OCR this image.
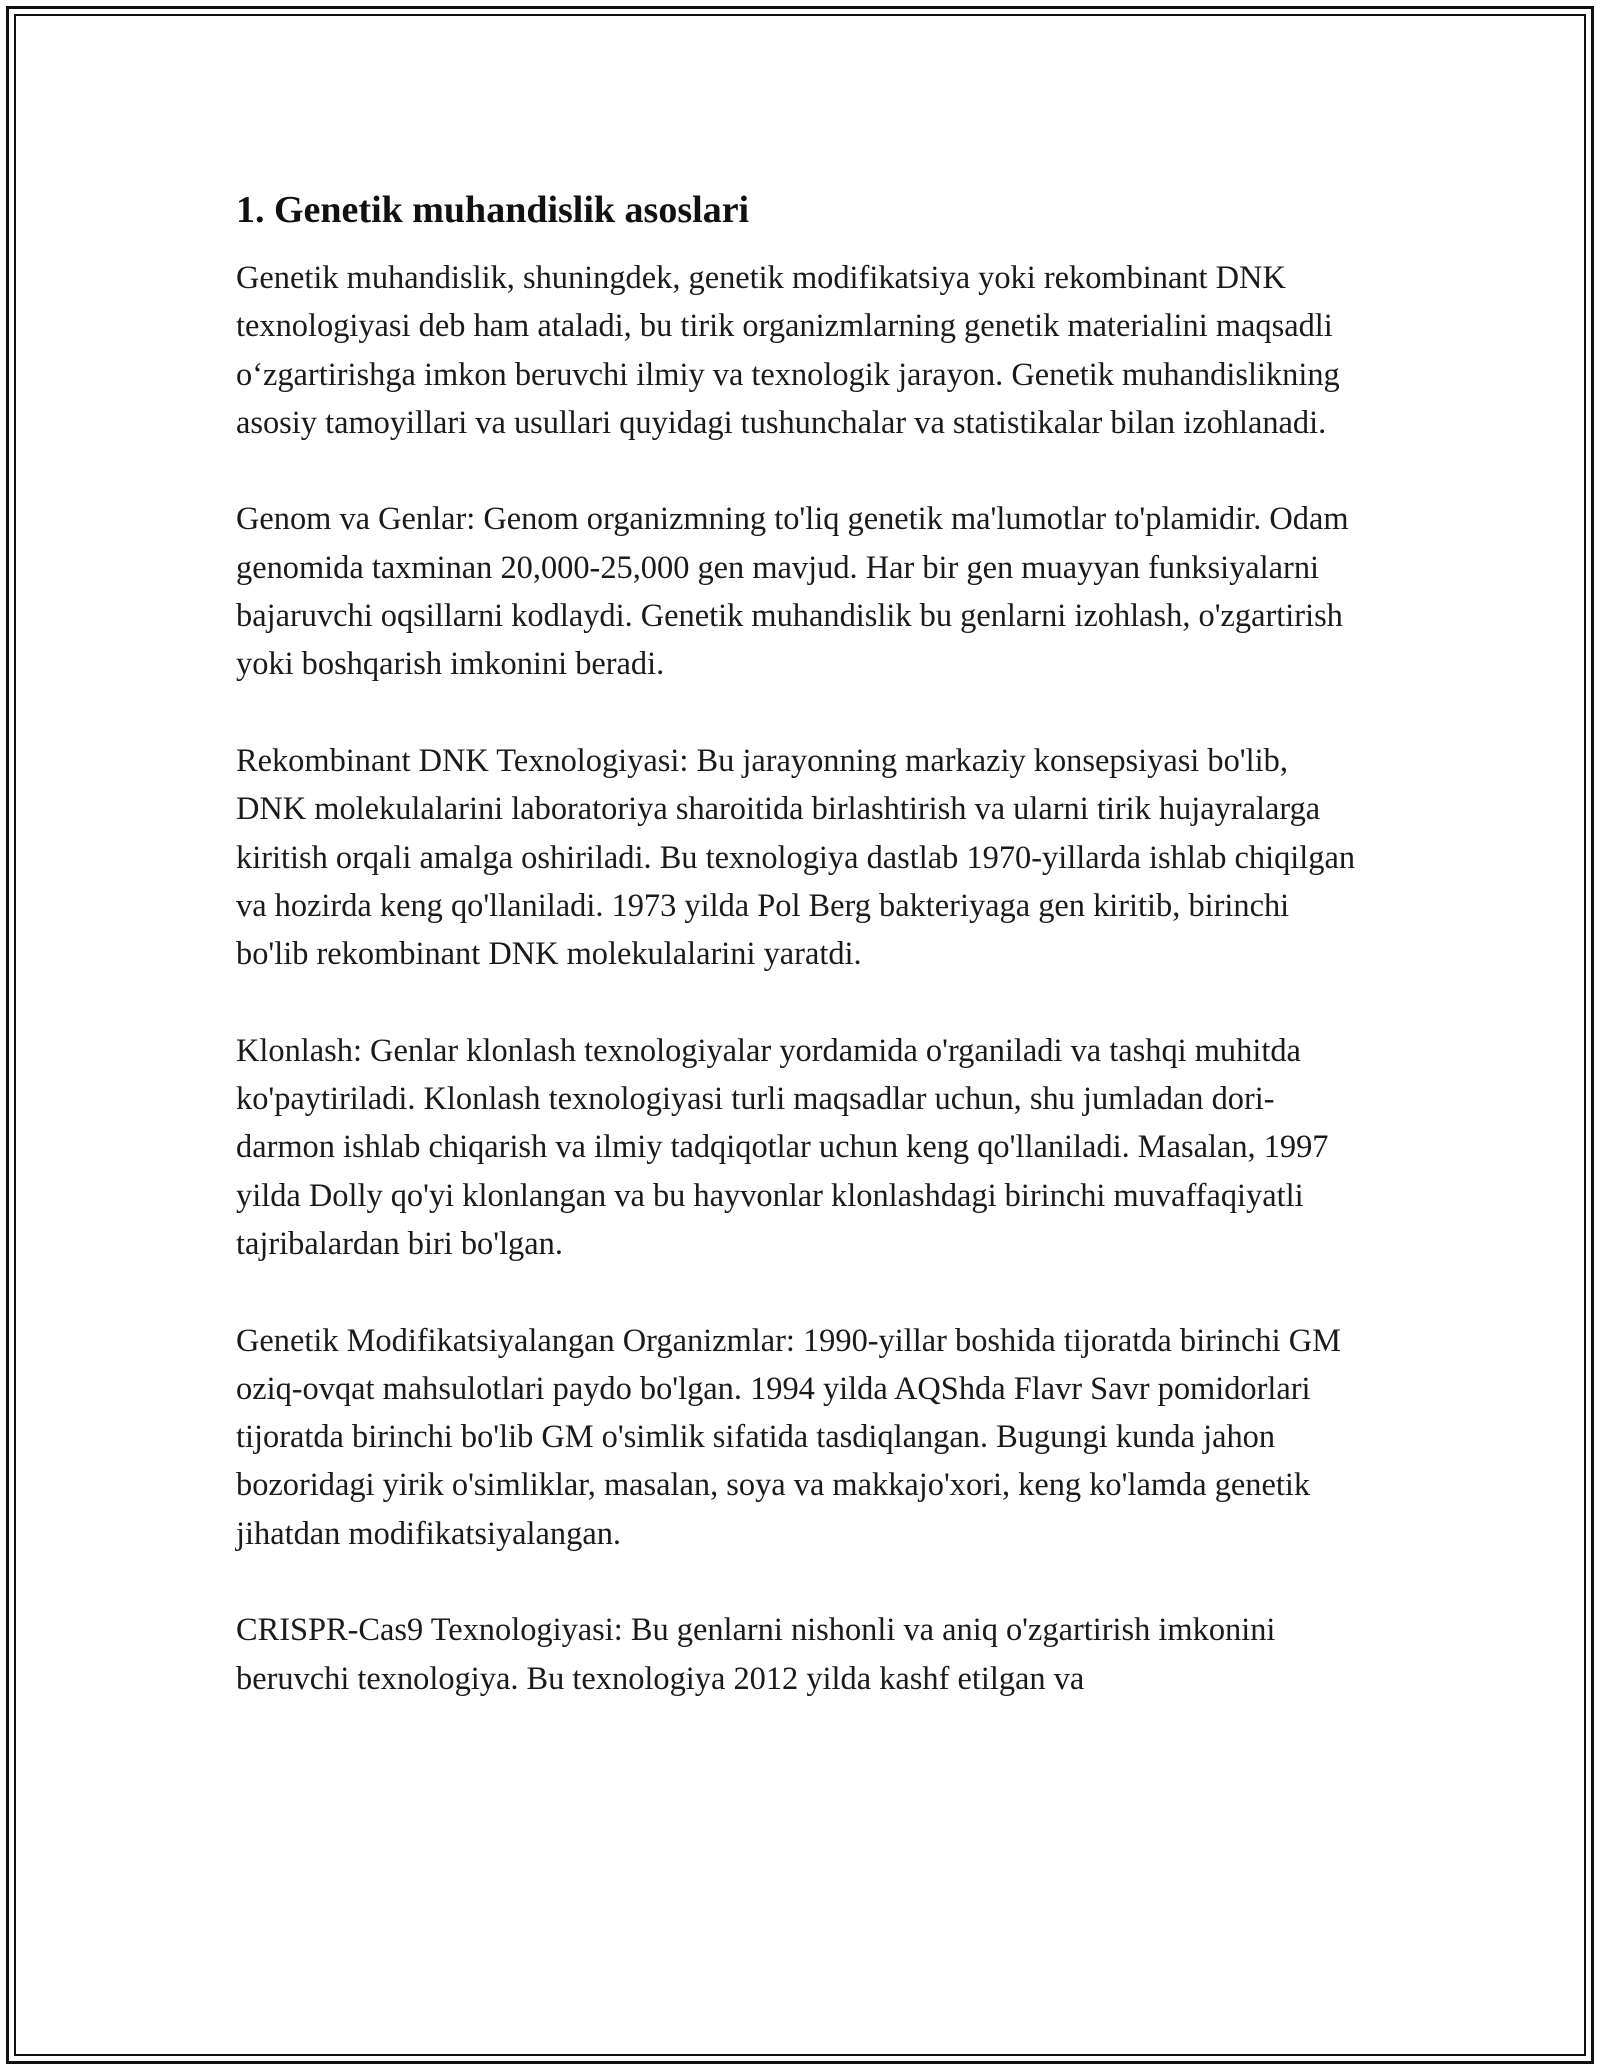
1. Genetik muhandislik asoslari

Genetik muhandislik, shuningdek, genetik modifikatsiya yoki rekombinant DNK texnologiyasi deb ham ataladi, bu tirik organizmlarning genetik materialini maqsadli oʻzgartirishga imkon beruvchi ilmiy va texnologik jarayon. Genetik muhandislikning asosiy tamoyillari va usullari quyidagi tushunchalar va statistikalar bilan izohlanadi.

Genom va Genlar: Genom organizmning to'liq genetik ma'lumotlar to'plamidir. Odam genomida taxminan 20,000-25,000 gen mavjud. Har bir gen muayyan funksiyalarni bajaruvchi oqsillarni kodlaydi. Genetik muhandislik bu genlarni izohlash, o'zgartirish yoki boshqarish imkonini beradi.

Rekombinant DNK Texnologiyasi: Bu jarayonning markaziy konsepsiyasi bo'lib, DNK molekulalarini laboratoriya sharoitida birlashtirish va ularni tirik hujayralarga kiritish orqali amalga oshiriladi. Bu texnologiya dastlab 1970-yillarda ishlab chiqilgan va hozirda keng qo'llaniladi. 1973 yilda Pol Berg bakteriyaga gen kiritib, birinchi bo'lib rekombinant DNK molekulalarini yaratdi.

Klonlash: Genlar klonlash texnologiyalar yordamida o'rganiladi va tashqi muhitda ko'paytiriladi. Klonlash texnologiyasi turli maqsadlar uchun, shu jumladan dori-darmon ishlab chiqarish va ilmiy tadqiqotlar uchun keng qo'llaniladi. Masalan, 1997 yilda Dolly qo'yi klonlangan va bu hayvonlar klonlashdagi birinchi muvaffaqiyatli tajribalardan biri bo'lgan.

Genetik Modifikatsiyalangan Organizmlar: 1990-yillar boshida tijoratda birinchi GM oziq-ovqat mahsulotlari paydo bo'lgan. 1994 yilda AQShda Flavr Savr pomidorlari tijoratda birinchi bo'lib GM o'simlik sifatida tasdiqlangan. Bugungi kunda jahon bozoridagi yirik o'simliklar, masalan, soya va makkajo'xori, keng ko'lamda genetik jihatdan modifikatsiyalangan.

CRISPR-Cas9 Texnologiyasi: Bu genlarni nishonli va aniq o'zgartirish imkonini beruvchi texnologiya. Bu texnologiya 2012 yilda kashf etilgan va
